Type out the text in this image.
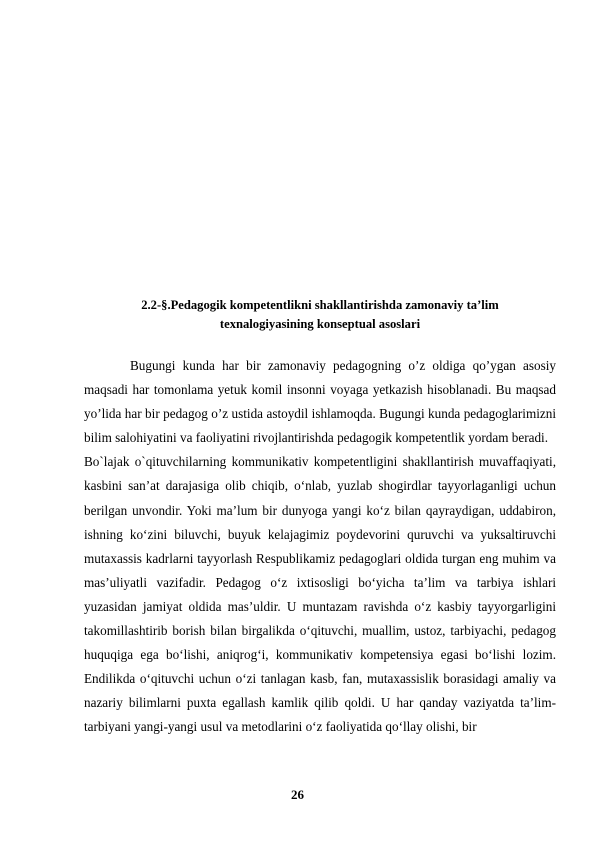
2.2-§.Pedagogik kompetentlikni shakllantirishda zamonaviy ta’lim
texnalogiyasining konseptual asoslari

Bugungi kunda har bir zamonaviy pedagogning o’z oldiga qo’ygan asosiy maqsadi har tomonlama yetuk komil insonni voyaga yetkazish hisoblanadi. Bu maqsad yo’lida har bir pedagog o’z ustida astoydil ishlamoqda. Bugungi kunda pedagoglarimizni bilim salohiyatini va faoliyatini rivojlantirishda pedagogik kompetentlik yordam beradi.

Bo`lajak o`qituvchilarning kommunikativ kompetentligini shakllantirish muvaffaqiyati, kasbini san’at darajasiga olib chiqib, o‘nlab, yuzlab shogirdlar tayyorlaganligi uchun berilgan unvondir. Yoki ma’lum bir dunyoga yangi ko‘z bilan qayraydigan, uddabiron, ishning ko‘zini biluvchi, buyuk kelajagimiz poydevorini quruvchi va yuksaltiruvchi mutaxassis kadrlarni tayyorlash Respublikamiz pedagoglari oldida turgan eng muhim va mas’uliyatli vazifadir. Pedagog o‘z ixtisosligi bo‘yicha ta’lim va tarbiya ishlari yuzasidan jamiyat oldida mas’uldir. U muntazam ravishda o‘z kasbiy tayyorgarligini takomillashtirib borish bilan birgalikda o‘qituvchi, muallim, ustoz, tarbiyachi, pedagog huquqiga ega bo‘lishi, aniqrog‘i, kommunikativ kompetensiya egasi bo‘lishi lozim. Endilikda o‘qituvchi uchun o‘zi tanlagan kasb, fan, mutaxassislik borasidagi amaliy va nazariy bilimlarni puxta egallash kamlik qilib qoldi. U har qanday vaziyatda ta’lim-tarbiyani yangi-yangi usul va metodlarini o‘z faoliyatida qo‘llay olishi, bir

26
